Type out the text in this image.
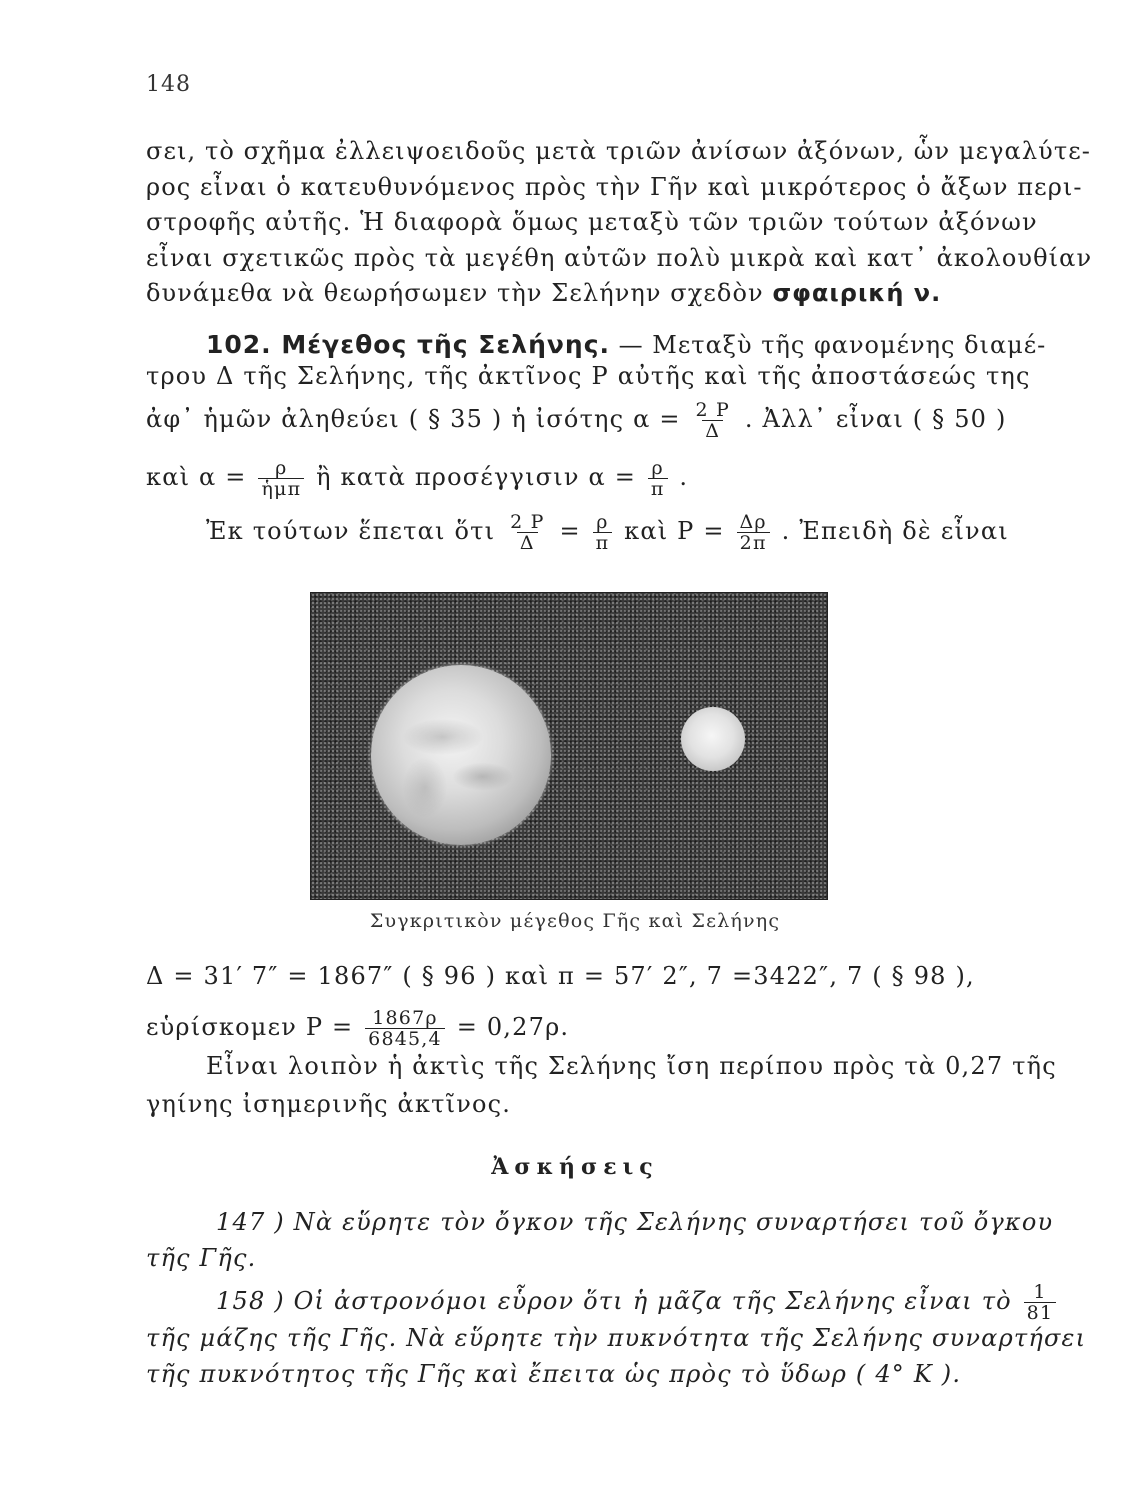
148
σει, τὸ σχῆμα ἐλλειψοειδοῦς μετὰ τριῶν ἀνίσων ἀξόνων, ὧν μεγαλύτε-
ρος εἶναι ὁ κατευθυνόμενος πρὸς τὴν Γῆν καὶ μικρότερος ὁ ἄξων περι-
στροφῆς αὐτῆς. Ἡ διαφορὰ ὅμως μεταξὺ τῶν τριῶν τούτων ἀξόνων
εἶναι σχετικῶς πρὸς τὰ μεγέθη αὐτῶν πολὺ μικρὰ καὶ κατ᾽ ἀκολουθίαν
δυνάμεθα νὰ θεωρήσωμεν τὴν Σελήνην σχεδὸν σφαιρική ν.
102. Μέγεθος τῆς Σελήνης. — Μεταξὺ τῆς φανομένης διαμέ-
τρου Δ τῆς Σελήνης, τῆς ἀκτῖνος Ρ αὐτῆς καὶ τῆς ἀποστάσεώς της
ἀφ᾽ ἡμῶν ἀληθεύει ( § 35 ) ἡ ἰσότης $\alpha = \frac{2 P}{\Delta}$ . Ἀλλ᾽ εἶναι ( § 50 )
καὶ $\alpha = \frac{\rho}{\text{ἡμπ}}$ ἢ κατὰ προσέγγισιν $\alpha = \frac{\rho}{\pi}$ .
Ἐκ τούτων ἕπεται ὅτι $\frac{2 P}{\Delta} = \frac{\rho}{\pi}$ καὶ $P = \frac{\Delta\rho}{2\pi}$ . Ἐπειδὴ δὲ εἶναι
Συγκριτικὸν μέγεθος Γῆς καὶ Σελήνης
Δ = 31′ 7″ = 1867″ ( § 96 ) καὶ π = 57′ 2″, 7 =3422″, 7 ( § 98 ),
εὑρίσκομεν $P = \frac{1867\rho}{6845,4} = 0,27\rho$.
Εἶναι λοιπὸν ἡ ἀκτὶς τῆς Σελήνης ἴση περίπου πρὸς τὰ 0,27 τῆς
γηίνης ἰσημερινῆς ἀκτῖνος.
Ἀσκήσεις
147 ) Νὰ εὕρητε τὸν ὄγκον τῆς Σελήνης συναρτήσει τοῦ ὄγκου
τῆς Γῆς.
158 ) Οἱ ἀστρονόμοι εὗρον ὅτι ἡ μᾶζα τῆς Σελήνης εἶναι τὸ $\frac{1}{81}$
τῆς μάζης τῆς Γῆς. Νὰ εὕρητε τὴν πυκνότητα τῆς Σελήνης συναρτήσει
τῆς πυκνότητος τῆς Γῆς καὶ ἔπειτα ὡς πρὸς τὸ ὕδωρ ( 4° Κ ).
